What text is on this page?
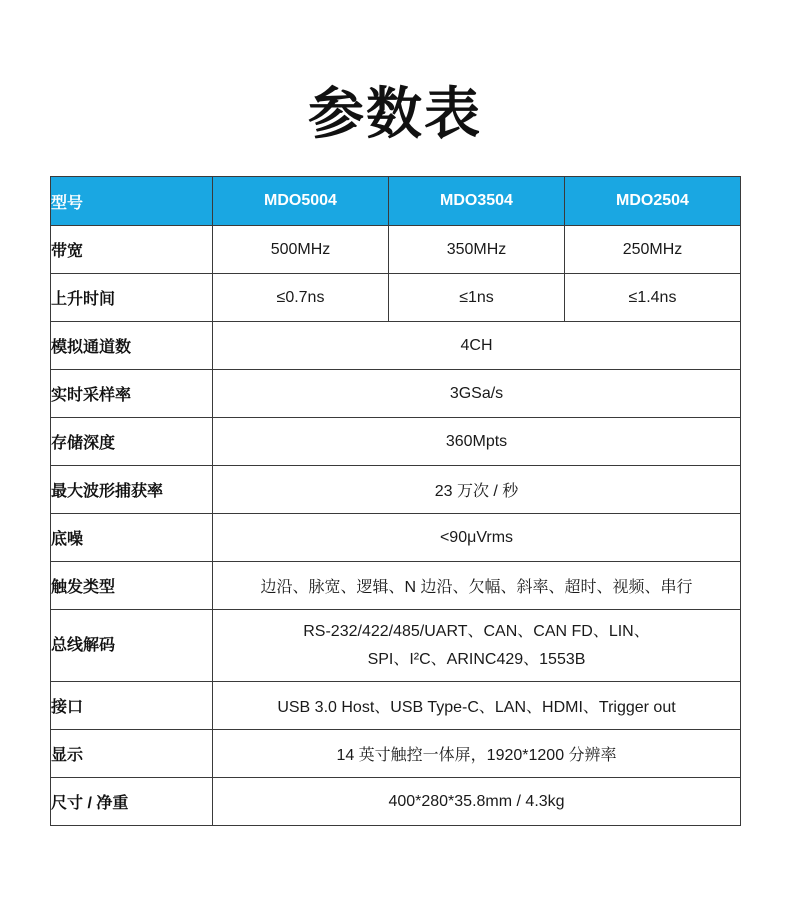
参数表
型号	MDO5004	MDO3504	MDO2504
带宽	500MHz	350MHz	250MHz
上升时间	≤0.7ns	≤1ns	≤1.4ns
模拟通道数	4CH		
实时采样率	3GSa/s		
存储深度	360Mpts		
最大波形捕获率	23 万次 / 秒		
底噪	<90μVrms		
触发类型	边沿、脉宽、逻辑、N 边沿、欠幅、斜率、超时、视频、串行		
总线解码	RS-232/422/485/UART、CAN、CAN FD、LIN、
SPI、I²C、ARINC429、1553B		

接口	USB 3.0 Host、USB Type-C、LAN、HDMI、Trigger out		
显示	14 英寸触控一体屏，1920*1200 分辨率		
尺寸 / 净重	400*280*35.8mm / 4.3kg		
